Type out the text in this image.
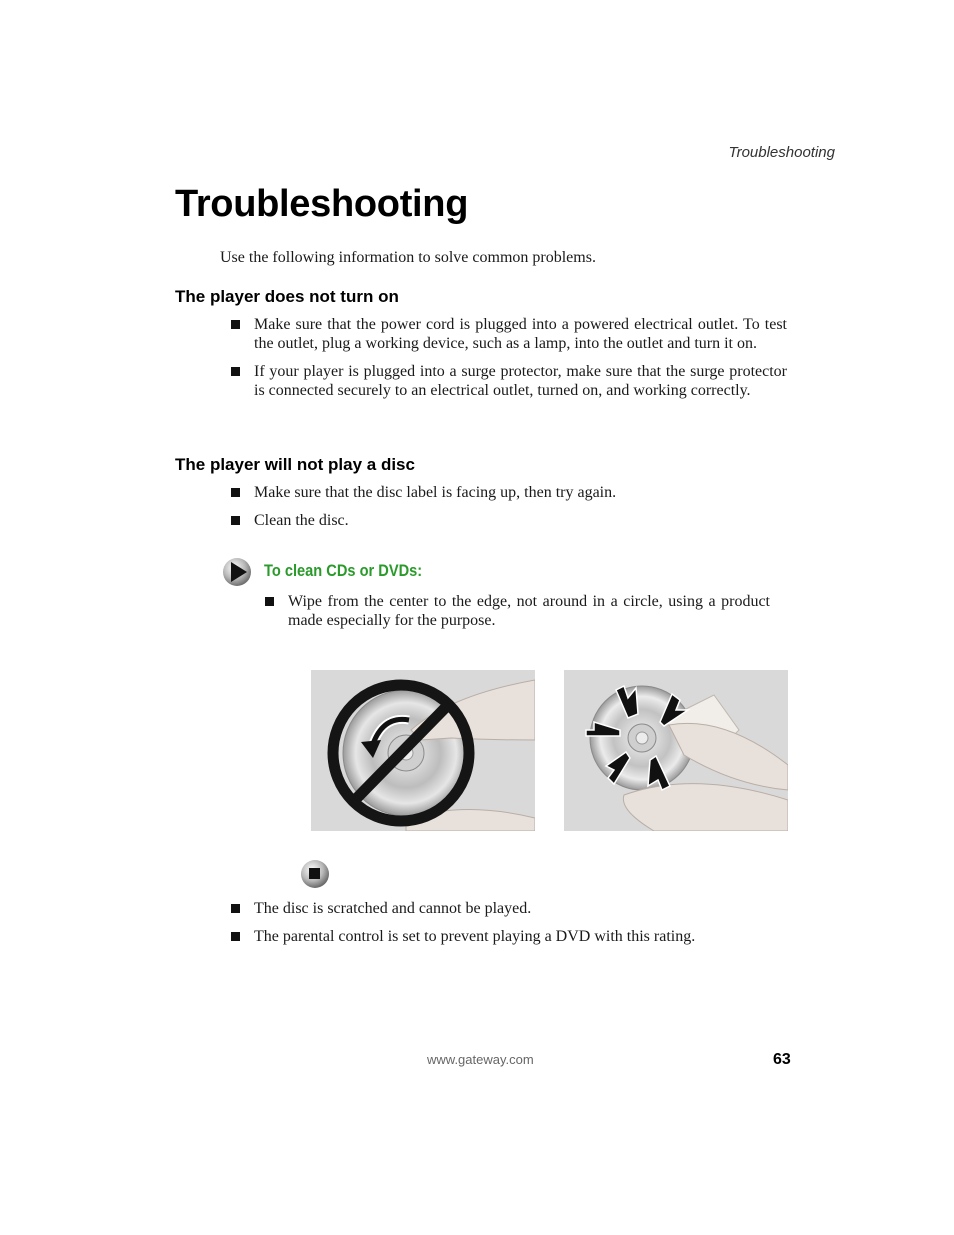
Troubleshooting
Troubleshooting
Use the following information to solve common problems.
The player does not turn on
Make sure that the power cord is plugged into a powered electrical outlet. To test the outlet, plug a working device, such as a lamp, into the outlet and turn it on.
If your player is plugged into a surge protector, make sure that the surge protector is connected securely to an electrical outlet, turned on, and working correctly.
The player will not play a disc
Make sure that the disc label is facing up, then try again.
Clean the disc.
To clean CDs or DVDs:
Wipe from the center to the edge, not around in a circle, using a product made especially for the purpose.
The disc is scratched and cannot be played.
The parental control is set to prevent playing a DVD with this rating.
www.gateway.com	63
